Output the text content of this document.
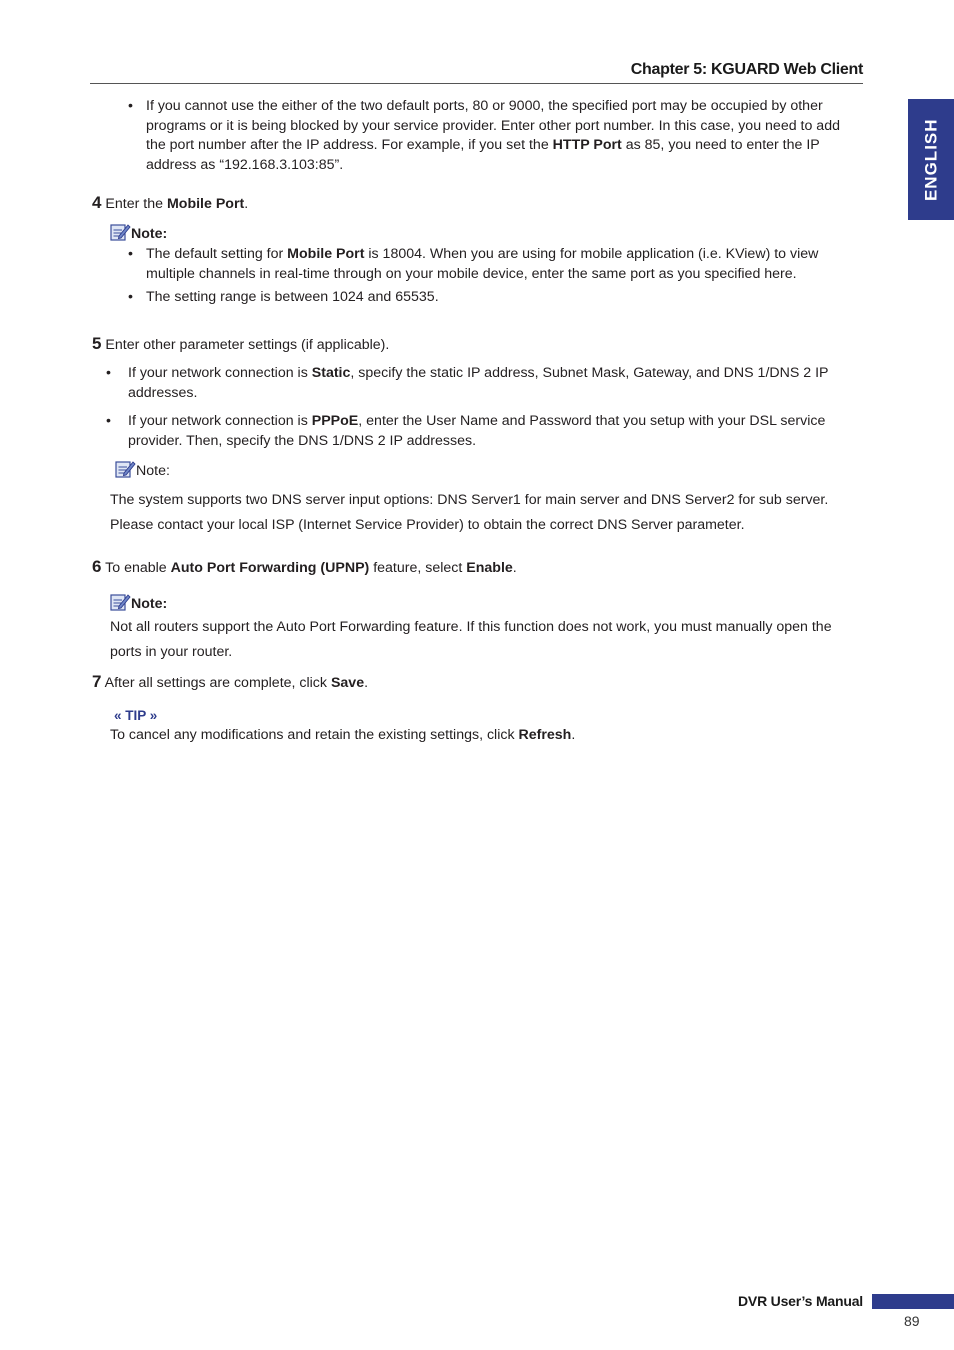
Chapter 5: KGUARD Web Client
ENGLISH
• If you cannot use the either of the two default ports, 80 or 9000, the specified port may be occupied by other programs or it is being blocked by your service provider. Enter other port number. In this case, you need to add the port number after the IP address. For example, if you set the HTTP Port as 85, you need to enter the IP address as “192.168.3.103:85”.
4 Enter the Mobile Port.
Note:
• The default setting for Mobile Port is 18004. When you are using for mobile application (i.e. KView) to view multiple channels in real-time through on your mobile device, enter the same port as you specified here.
• The setting range is between 1024 and 65535.
5 Enter other parameter settings (if applicable).
•	If your network connection is Static, specify the static IP address, Subnet Mask, Gateway, and DNS 1/DNS 2 IP addresses.
•	If your network connection is PPPoE, enter the User Name and Password that you setup with your DSL service provider. Then, specify the DNS 1/DNS 2 IP addresses.
Note:
The system supports two DNS server input options: DNS Server1 for main server and DNS Server2 for sub server.
Please contact your local ISP (Internet Service Provider) to obtain the correct DNS Server parameter.
6 To enable Auto Port Forwarding (UPNP) feature, select Enable.
Note:
Not all routers support the Auto Port Forwarding feature. If this function does not work, you must manually open the ports in your router.
7 After all settings are complete, click Save.
« TIP »
To cancel any modifications and retain the existing settings, click Refresh.
DVR User’s Manual
89
